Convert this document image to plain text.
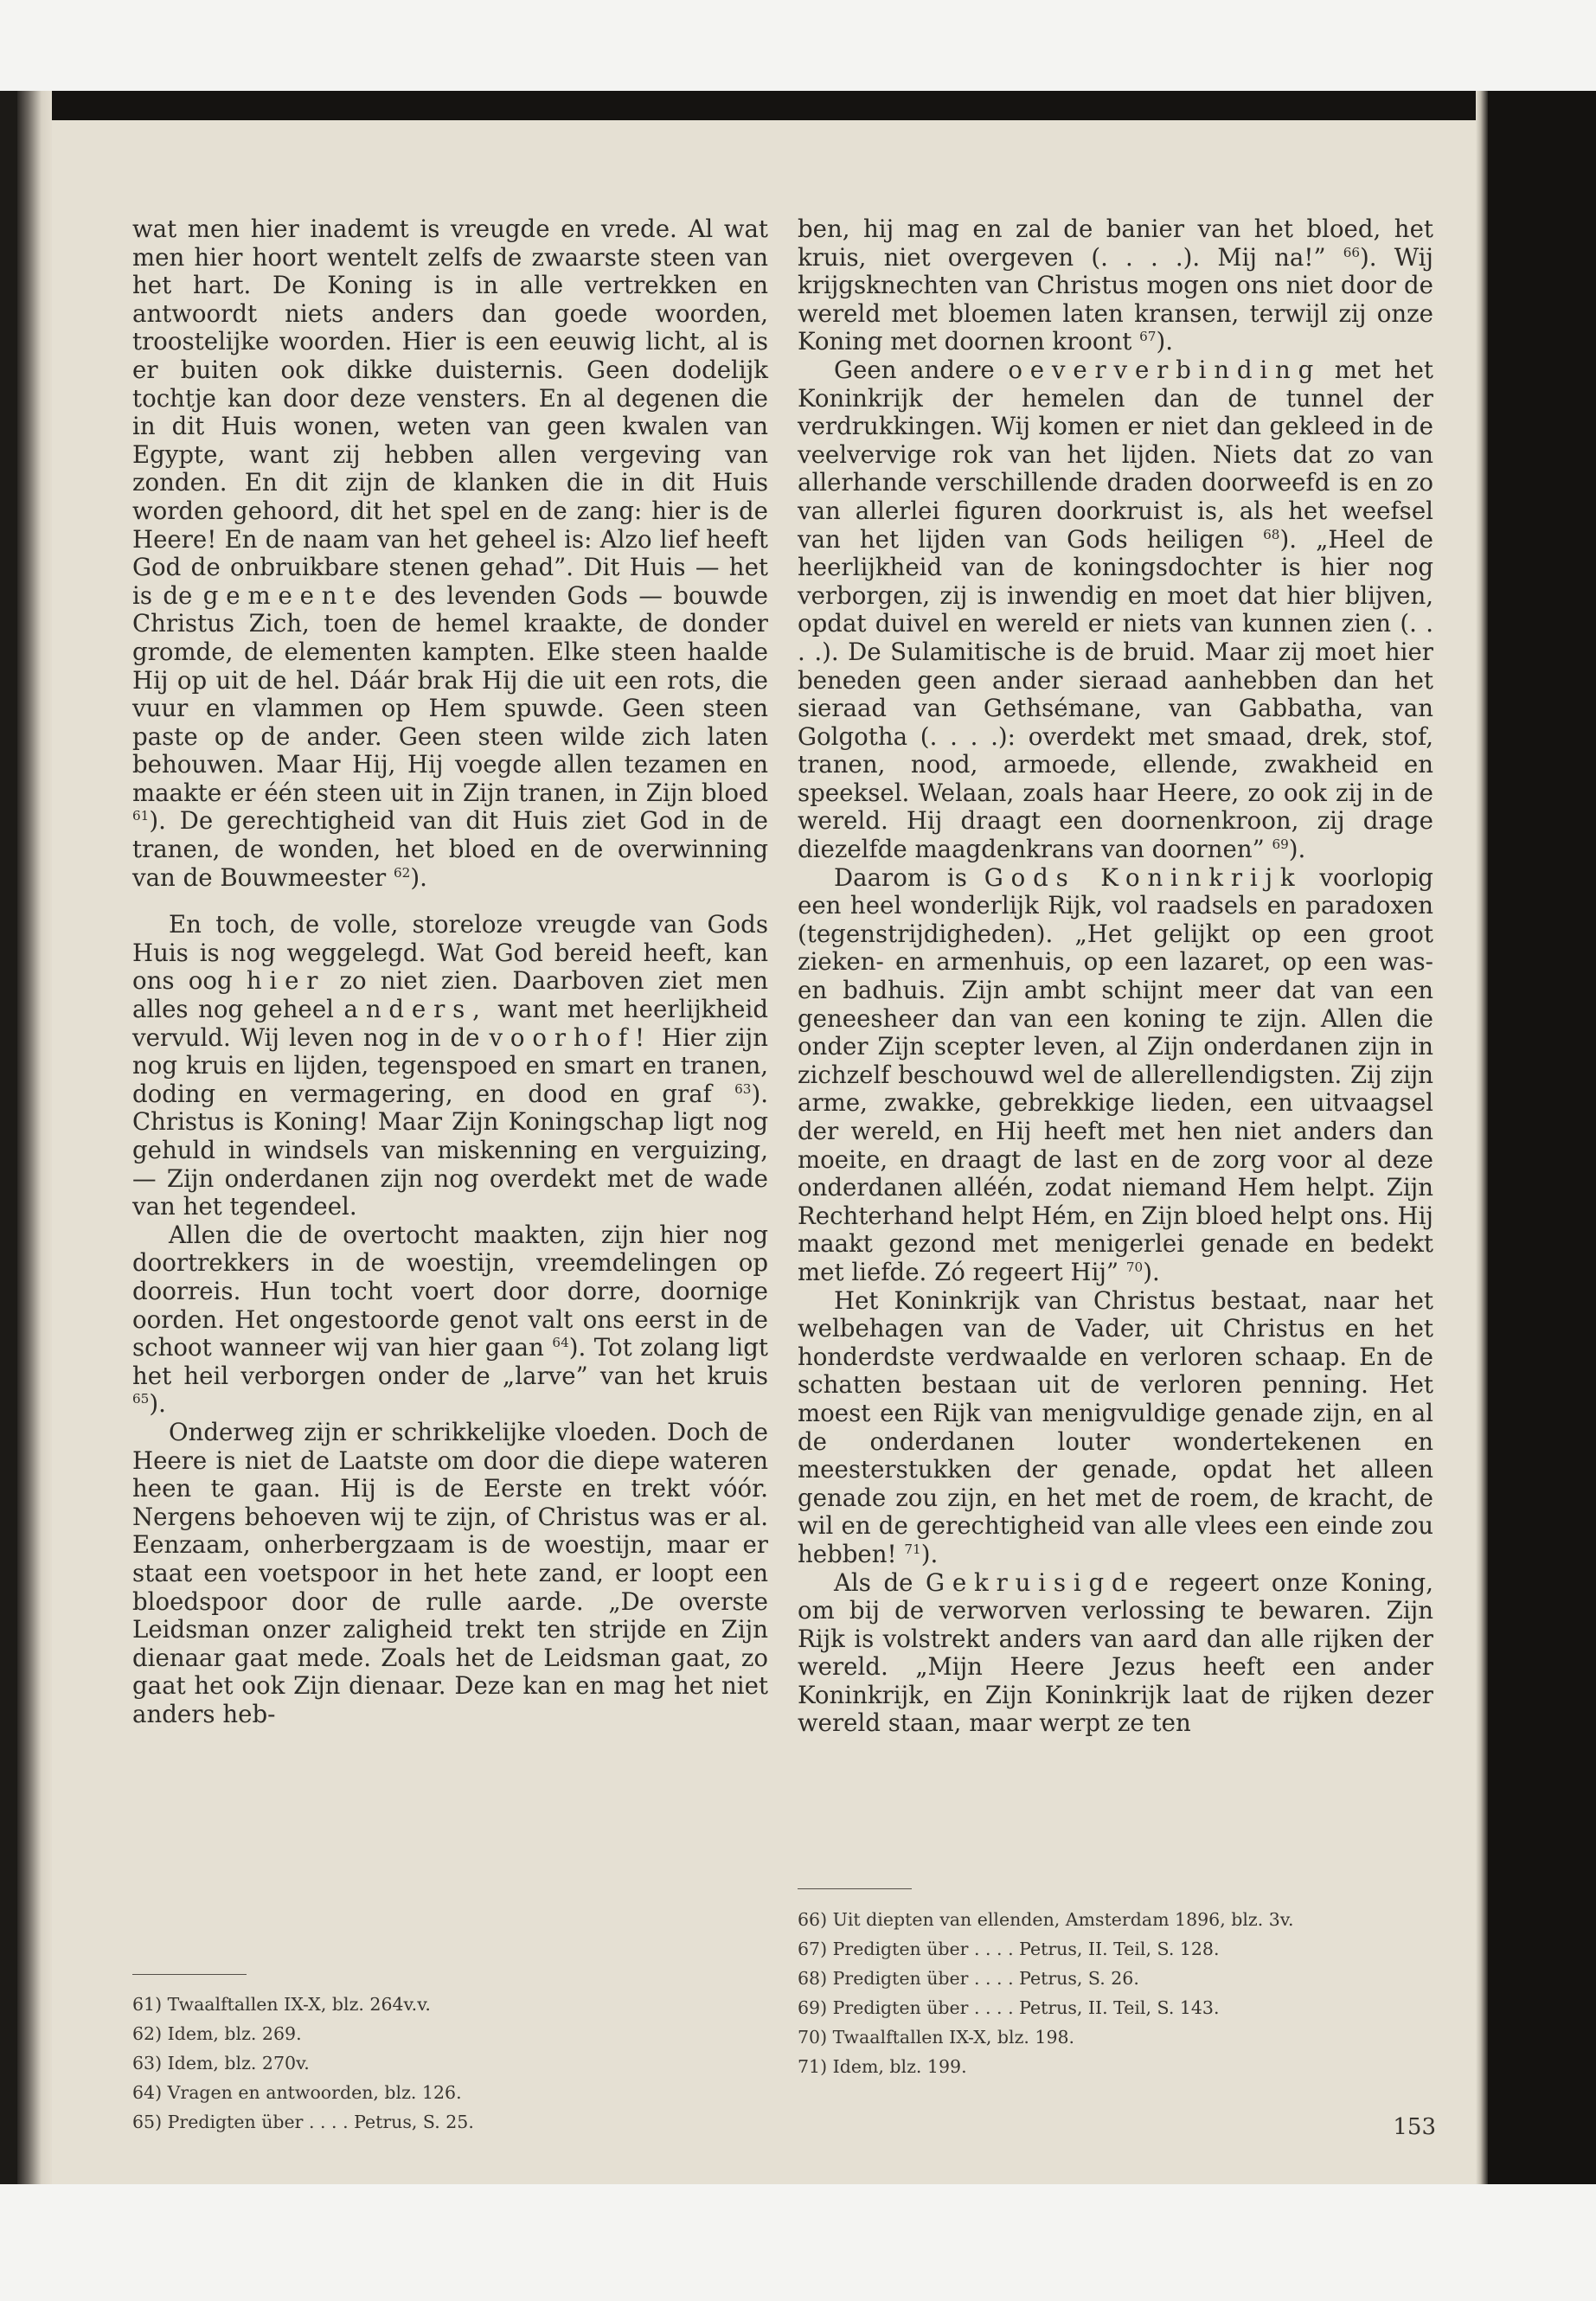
wat men hier inademt is vreugde en vrede. Al wat men hier hoort wentelt zelfs de zwaarste steen van het hart. De Koning is in alle vertrekken en antwoordt niets anders dan goede woorden, troostelijke woorden. Hier is een eeuwig licht, al is er buiten ook dikke duisternis. Geen dodelijk tochtje kan door deze vensters. En al degenen die in dit Huis wonen, weten van geen kwalen van Egypte, want zij hebben allen vergeving van zonden. En dit zijn de klanken die in dit Huis worden gehoord, dit het spel en de zang: hier is de Heere! En de naam van het geheel is: Alzo lief heeft God de onbruikbare stenen gehad”. Dit Huis — het is de gemeente des levenden Gods — bouwde Christus Zich, toen de hemel kraakte, de donder gromde, de elementen kampten. Elke steen haalde Hij op uit de hel. Dáár brak Hij die uit een rots, die vuur en vlammen op Hem spuwde. Geen steen paste op de ander. Geen steen wilde zich laten behouwen. Maar Hij, Hij voegde allen tezamen en maakte er één steen uit in Zijn tranen, in Zijn bloed $^{61}$). De gerechtigheid van dit Huis ziet God in de tranen, de wonden, het bloed en de overwinning van de Bouwmeester $^{62}$).

En toch, de volle, storeloze vreugde van Gods Huis is nog weggelegd. Wat God bereid heeft, kan ons oog hier zo niet zien. Daarboven ziet men alles nog geheel anders, want met heerlijkheid vervuld. Wij leven nog in de voorhof! Hier zijn nog kruis en lijden, tegenspoed en smart en tranen, doding en vermagering, en dood en graf $^{63}$). Christus is Koning! Maar Zijn Koningschap ligt nog gehuld in windsels van miskenning en verguizing, — Zijn onderdanen zijn nog overdekt met de wade van het tegendeel.

Allen die de overtocht maakten, zijn hier nog doortrekkers in de woestijn, vreemdelingen op doorreis. Hun tocht voert door dorre, doornige oorden. Het ongestoorde genot valt ons eerst in de schoot wanneer wij van hier gaan $^{64}$). Tot zolang ligt het heil verborgen onder de „larve” van het kruis $^{65}$).

Onderweg zijn er schrikkelijke vloeden. Doch de Heere is niet de Laatste om door die diepe wateren heen te gaan. Hij is de Eerste en trekt vóór. Nergens behoeven wij te zijn, of Christus was er al. Eenzaam, onherbergzaam is de woestijn, maar er staat een voetspoor in het hete zand, er loopt een bloedspoor door de rulle aarde. „De overste Leidsman onzer zaligheid trekt ten strijde en Zijn dienaar gaat mede. Zoals het de Leidsman gaat, zo gaat het ook Zijn dienaar. Deze kan en mag het niet anders heb-

ben, hij mag en zal de banier van het bloed, het kruis, niet overgeven (. . . .). Mij na!” $^{66}$). Wij krijgsknechten van Christus mogen ons niet door de wereld met bloemen laten kransen, terwijl zij onze Koning met doornen kroont $^{67}$).

Geen andere oeververbinding met het Koninkrijk der hemelen dan de tunnel der verdrukkingen. Wij komen er niet dan gekleed in de veelvervige rok van het lijden. Niets dat zo van allerhande verschillende draden doorweefd is en zo van allerlei figuren doorkruist is, als het weefsel van het lijden van Gods heiligen $^{68}$). „Heel de heerlijkheid van de koningsdochter is hier nog verborgen, zij is inwendig en moet dat hier blijven, opdat duivel en wereld er niets van kunnen zien (. . . .). De Sulamitische is de bruid. Maar zij moet hier beneden geen ander sieraad aanhebben dan het sieraad van Gethsémane, van Gabbatha, van Golgotha (. . . .): overdekt met smaad, drek, stof, tranen, nood, armoede, ellende, zwakheid en speeksel. Welaan, zoals haar Heere, zo ook zij in de wereld. Hij draagt een doornenkroon, zij drage diezelfde maagdenkrans van doornen” $^{69}$).

Daarom is Gods Koninkrijk voorlopig een heel wonderlijk Rijk, vol raadsels en paradoxen (tegenstrijdigheden). „Het gelijkt op een groot zieken- en armenhuis, op een lazaret, op een was- en badhuis. Zijn ambt schijnt meer dat van een geneesheer dan van een koning te zijn. Allen die onder Zijn scepter leven, al Zijn onderdanen zijn in zichzelf beschouwd wel de allerellendigsten. Zij zijn arme, zwakke, gebrekkige lieden, een uitvaagsel der wereld, en Hij heeft met hen niet anders dan moeite, en draagt de last en de zorg voor al deze onderdanen alléén, zodat niemand Hem helpt. Zijn Rechterhand helpt Hém, en Zijn bloed helpt ons. Hij maakt gezond met menigerlei genade en bedekt met liefde. Zó regeert Hij” $^{70}$).

Het Koninkrijk van Christus bestaat, naar het welbehagen van de Vader, uit Christus en het honderdste verdwaalde en verloren schaap. En de schatten bestaan uit de verloren penning. Het moest een Rijk van menigvuldige genade zijn, en al de onderdanen louter wondertekenen en meesterstukken der genade, opdat het alleen genade zou zijn, en het met de roem, de kracht, de wil en de gerechtigheid van alle vlees een einde zou hebben! $^{71}$).

Als de Gekruisigde regeert onze Koning, om bij de verworven verlossing te bewaren. Zijn Rijk is volstrekt anders van aard dan alle rijken der wereld. „Mijn Heere Jezus heeft een ander Koninkrijk, en Zijn Koninkrijk laat de rijken dezer wereld staan, maar werpt ze ten

61) Twaalftallen IX-X, blz. 264v.v.
62) Idem, blz. 269.
63) Idem, blz. 270v.
64) Vragen en antwoorden, blz. 126.
65) Predigten über . . . . Petrus, S. 25.
66) Uit diepten van ellenden, Amsterdam 1896, blz. 3v.
67) Predigten über . . . . Petrus, II. Teil, S. 128.
68) Predigten über . . . . Petrus, S. 26.
69) Predigten über . . . . Petrus, II. Teil, S. 143.
70) Twaalftallen IX-X, blz. 198.
71) Idem, blz. 199.
153
